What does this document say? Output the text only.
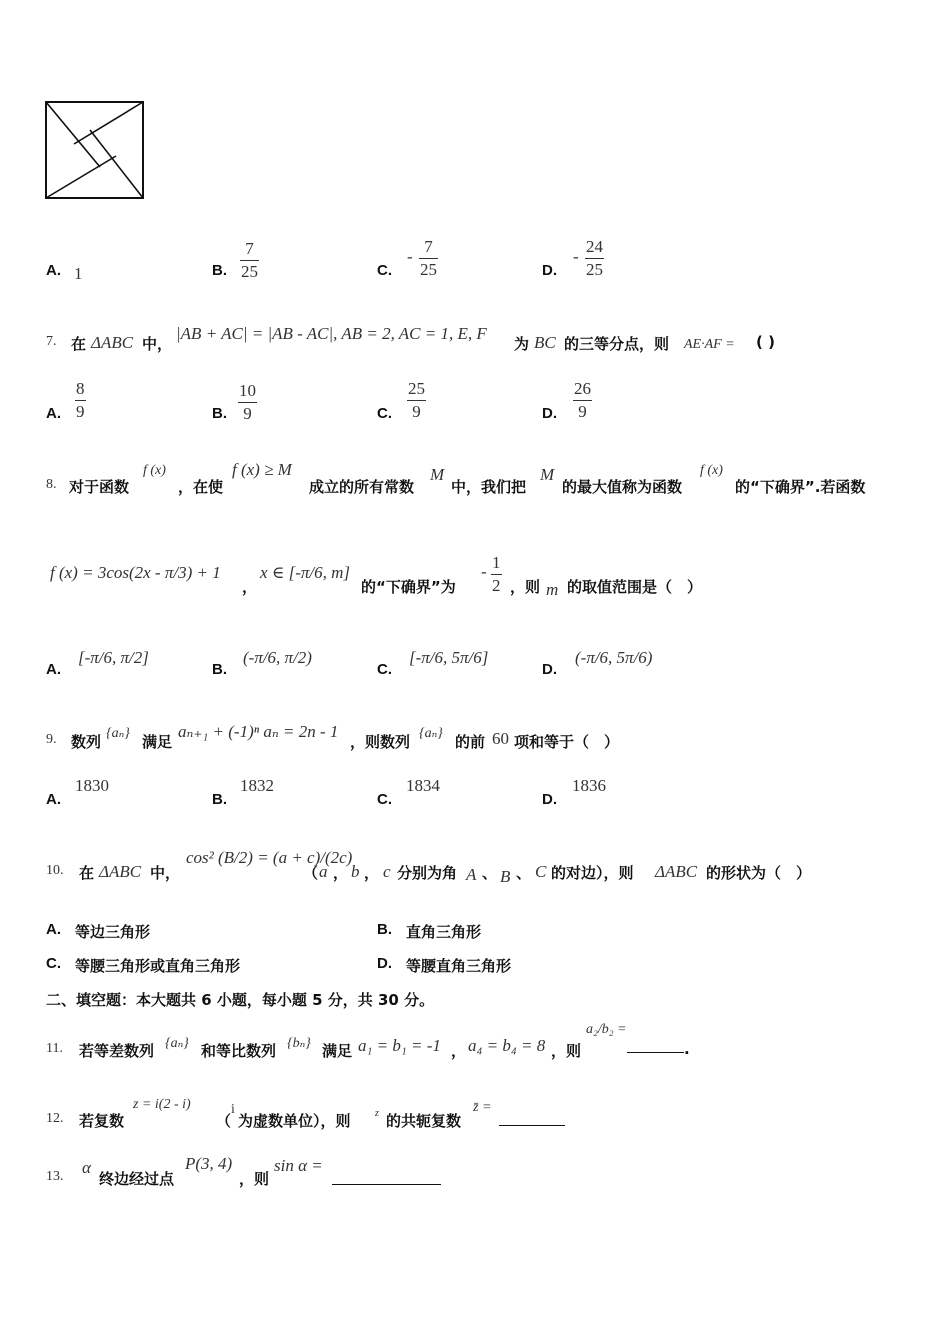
A. 1	B. $\frac{7}{25}$	C.
- $\frac{7}{25}$	D.
- $\frac{24}{25}$
7. 在 ΔABC 中，
|AB + AC| = |AB - AC|, AB = 2, AC = 1, E, F
为 BC 的三等分点，则 AE·AF = ( )
A. $\frac{8}{9}$	B. $\frac{10}{9}$	C. $\frac{25}{9}$	D. $\frac{26}{9}$
8. 对于函数
f (x)
，在使
f (x) ≥ M
成立的所有常数
M
中，我们把
M
的最大值称为函数
f (x)
的“下确界”.若函数
f (x) = 3cos(2x - π/3) + 1
，
x ∈ [-π/6, m]
的“下确界”为
- $\frac{1}{2}$ ，则 m 的取值范围是（　）
A.
[-π/6, π/2]
B.
(-π/6, π/2)
C.
[-π/6, 5π/6]
D.
(-π/6, 5π/6)
9. 数列 {aₙ} 满足
aₙ₊₁ + (-1)ⁿ aₙ = 2n - 1
，则数列 {aₙ} 的前 60 项和等于（　）
A.
1830
B.
1832
C.
1834
D.
1836
10. 在 ΔABC 中，
cos² (B/2) = (a + c)/(2c)
（ a ， b ， c 分别为角 A 、 B 、 C 的对边），则 ΔABC 的形状为（　）
A. 等边三角形	B. 直角三角形
C. 等腰三角形或直角三角形	D. 等腰直角三角形
二、填空题：本大题共 6 小题，每小题 5 分，共 30 分。
11. 若等差数列 {aₙ} 和等比数列 {bₙ} 满足 a₁ = b₁ = -1 ， a₄ = b₄ = 8 ，则
a₂/b₂ =
.
12. 若复数
z = i(2 - i)
（
i
为虚数单位），则 z 的共轭复数
z̄ =
13. α
终边经过点
P(3, 4)
，则
sin α =
